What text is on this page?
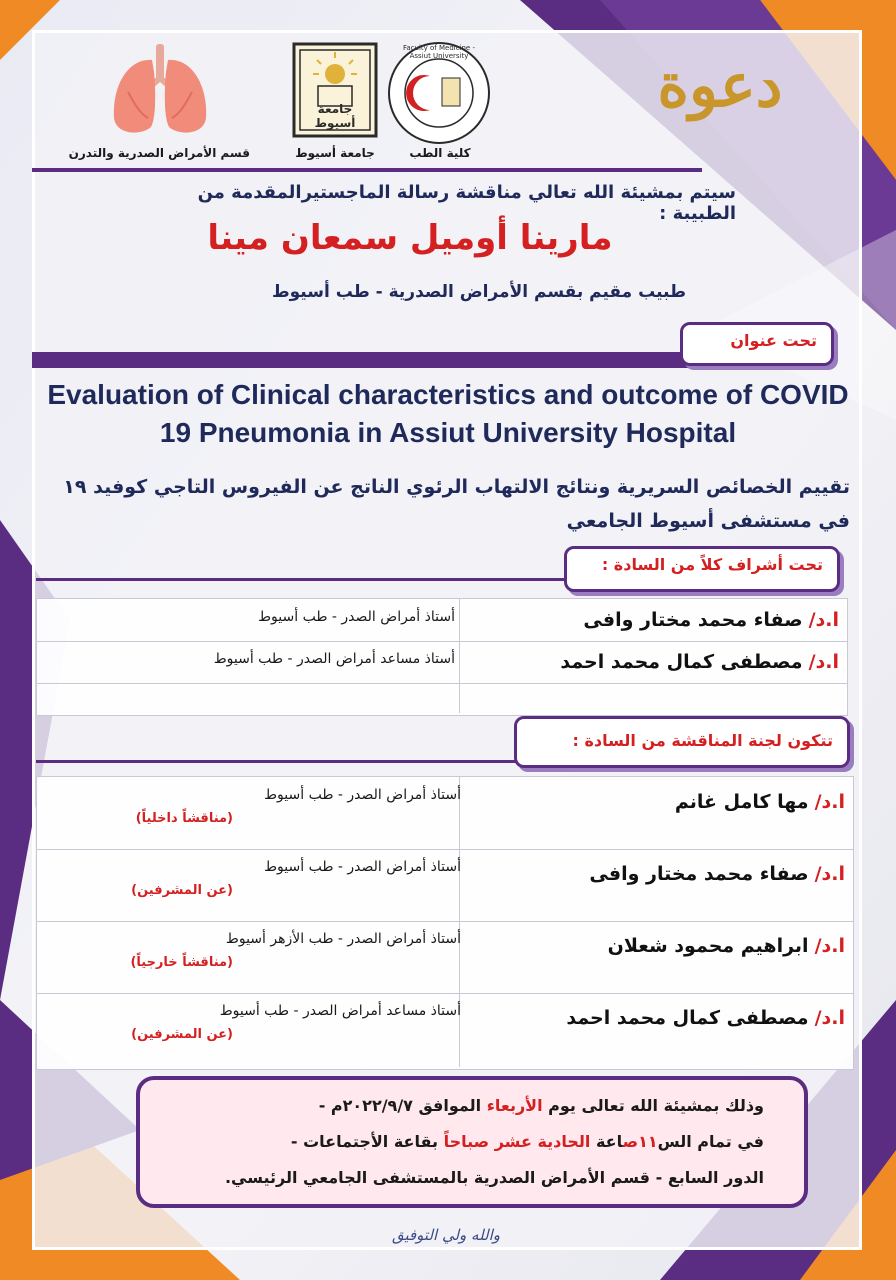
قسم الأمراض الصدرية والتدرن
جامعة أسيوط
جامعة أسيوط
Faculty of Medicine - Assiut University
كلية الطب
دعوة
سيتم بمشيئة الله تعالي مناقشة رسالة الماجستيرالمقدمة من الطبيبة :
مارينا أوميل سمعان مينا
طبيب مقيم بقسم الأمراض الصدرية - طب أسيوط
تحت عنوان
Evaluation of Clinical characteristics and outcome of COVID 19 Pneumonia in Assiut University Hospital
تقييم الخصائص السريرية ونتائج الالتهاب الرئوي الناتج عن الفيروس التاجي كوفيد ١٩ في مستشفى أسيوط الجامعي
تحت أشراف كلاً من السادة :
ا.د/صفاء محمد مختار وافى
أستاذ أمراض الصدر - طب أسيوط
ا.د/مصطفى كمال محمد احمد
أستاذ مساعد أمراض الصدر - طب أسيوط
تتكون لجنة المناقشة من السادة :
ا.د/مها كامل غانم
أستاذ أمراض الصدر - طب أسيوط
(مناقشاً داخلياً)
ا.د/صفاء محمد مختار وافى
أستاذ أمراض الصدر - طب أسيوط
(عن المشرفين)
ا.د/ابراهيم محمود شعلان
أستاذ أمراض الصدر - طب الأزهر أسيوط
(مناقشاً خارجياً)
ا.د/مصطفى كمال محمد احمد
أستاذ مساعد أمراض الصدر - طب أسيوط
(عن المشرفين)
وذلك بمشيئة الله تعالى يوم الأربعاء الموافق ٢٠٢٢/٩/٧م -
في تمام الس١١صاعة الحادية عشر صباحاً بقاعة الأجتماعات -
الدور السابع - قسم الأمراض الصدرية بالمستشفى الجامعي الرئيسي.
والله ولي التوفيق
